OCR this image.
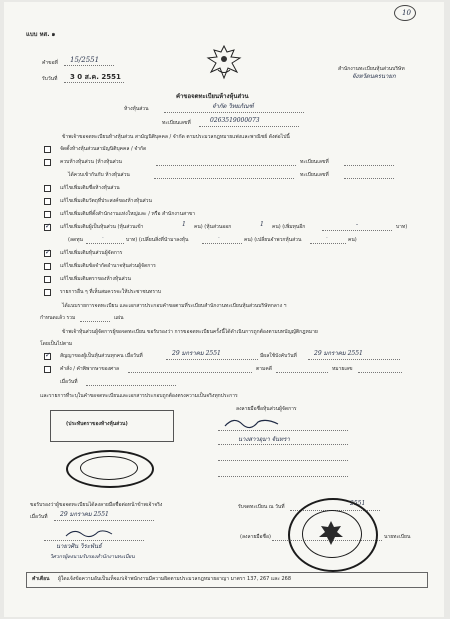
10
แบบ หส. ๑
คำขอที่ 15/2551
รับวันที่ 3 0 ส.ค. 2551
สำนักงานทะเบียนหุ้นส่วนบริษัท
จังหวัดนครนายก
คำขอจดทะเบียนห้างหุ้นส่วน
ห้างหุ้นส่วน	จำกัด วิทยภัณฑ์
ทะเบียนเลขที่	0263519000073
ข้าพเจ้าขอจดทะเบียนห้างหุ้นส่วน สามัญนิติบุคคล / จำกัด ตามประมวลกฎหมายแพ่งและพาณิชย์ ดังต่อไปนี้
จัดตั้งห้างหุ้นส่วนสามัญนิติบุคคล / จำกัด
ควบห้างหุ้นส่วน (ห้างหุ้นส่วน	ทะเบียนเลขที่
ได้ควบเข้ากันกับ ห้างหุ้นส่วน	ทะเบียนเลขที่
แก้ไขเพิ่มเติมชื่อห้างหุ้นส่วน
แก้ไขเพิ่มเติมวัตถุที่ประสงค์ของห้างหุ้นส่วน
แก้ไขเพิ่มเติมที่ตั้งสำนักงานแห่งใหญ่และ / หรือ สำนักงานสาขา
✓
แก้ไขเพิ่มเติมผู้เป็นหุ้นส่วน (หุ้นส่วนเข้า	1 คน) (หุ้นส่วนออก	1 คน) (เพิ่มทุนอีก	-	บาท)
(ลดทุน	-	บาท) (เปลี่ยนสิ่งที่นำมาลงหุ้น	-	คน) (เปลี่ยนจำพวกหุ้นส่วน	-	คน)
✓
แก้ไขเพิ่มเติมหุ้นส่วนผู้จัดการ
แก้ไขเพิ่มเติมข้อจำกัดอำนาจหุ้นส่วนผู้จัดการ
แก้ไขเพิ่มเติมตราของห้างหุ้นส่วน
รายการอื่น ๆ ที่เห็นสมควรจะให้ประชาชนทราบ
ได้แนบรายการจดทะเบียน และเอกสารประกอบคำขอตามที่ระเบียบสำนักงานทะเบียนหุ้นส่วนบริษัทกลาง ฯ
กำหนดแล้ว รวม	แผ่น
ข้าพเจ้าหุ้นส่วนผู้จัดการผู้ขอจดทะเบียน ขอรับรองว่า การขอจดทะเบียนครั้งนี้ได้ดำเนินการถูกต้องตามบทบัญญัติกฎหมาย
โดยเป็นไปตาม
✓
สัญญาของผู้เป็นหุ้นส่วนทุกคน เมื่อวันที่	29 มกราคม 2551	มีผลใช้บังคับวันที่	29 มกราคม 2551
คำสั่ง / คำพิพากษาของศาล	ตามคดี	หมายเลข
เมื่อวันที่
และรายการที่ระบุในคำขอจดทะเบียนและเอกสารประกอบถูกต้องตรงความเป็นจริงทุกประการ
(ประทับตราของห้างหุ้นส่วน)
ลงลายมือชื่อหุ้นส่วนผู้จัดการ
นางสาวอุมา จันทรา
ขอรับรองว่าผู้ขอจดทะเบียนได้ลงลายมือชื่อต่อหน้าข้าพเจ้าจริง
เมื่อวันที่ 29 มกราคม 2551
นายวศิน วิระพันธ์
วิศวกรผู้ลงนามรับรองสำนักงานทะเบียน
รับจดทะเบียน ณ วันที่	2551
(ลงลายมือชื่อ)	นายทะเบียน
คำเตือน ผู้ใดแจ้งข้อความอันเป็นเท็จแก่เจ้าพนักงานมีความผิดตามประมวลกฎหมายอาญา มาตรา 137, 267 และ 268
